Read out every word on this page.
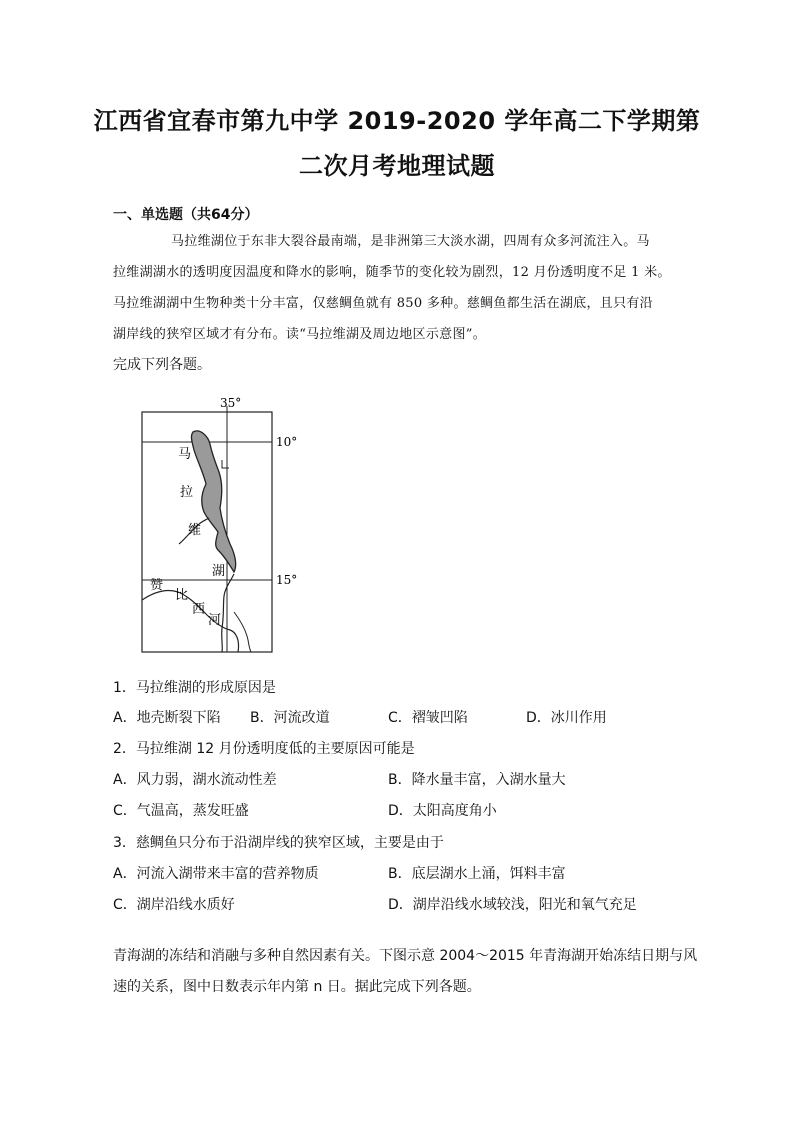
江西省宜春市第九中学 2019-2020 学年高二下学期第
二次月考地理试题
一、单选题（共64分）
马拉维湖位于东非大裂谷最南端，是非洲第三大淡水湖，四周有众多河流注入。马
拉维湖湖水的透明度因温度和降水的影响，随季节的变化较为剧烈，12 月份透明度不足 1 米。
马拉维湖湖中生物种类十分丰富，仅慈鲷鱼就有 850 多种。慈鲷鱼都生活在湖底，且只有沿
湖岸线的狭窄区域才有分布。读“马拉维湖及周边地区示意图”。
完成下列各题。
35°
10°
15°
马
拉
维
湖
赞
比
西
河
1．马拉维湖的形成原因是
A．地壳断裂下陷 B．河流改道	C．褶皱凹陷	D．冰川作用
2．马拉维湖 12 月份透明度低的主要原因可能是
A．风力弱，湖水流动性差	B．降水量丰富，入湖水量大
C．气温高，蒸发旺盛	D．太阳高度角小
3．慈鲷鱼只分布于沿湖岸线的狭窄区域，主要是由于
A．河流入湖带来丰富的营养物质	B．底层湖水上涌，饵料丰富
C．湖岸沿线水质好	D．湖岸沿线水域较浅，阳光和氧气充足
青海湖的冻结和消融与多种自然因素有关。下图示意 2004～2015 年青海湖开始冻结日期与风
速的关系，图中日数表示年内第 n 日。据此完成下列各题。
